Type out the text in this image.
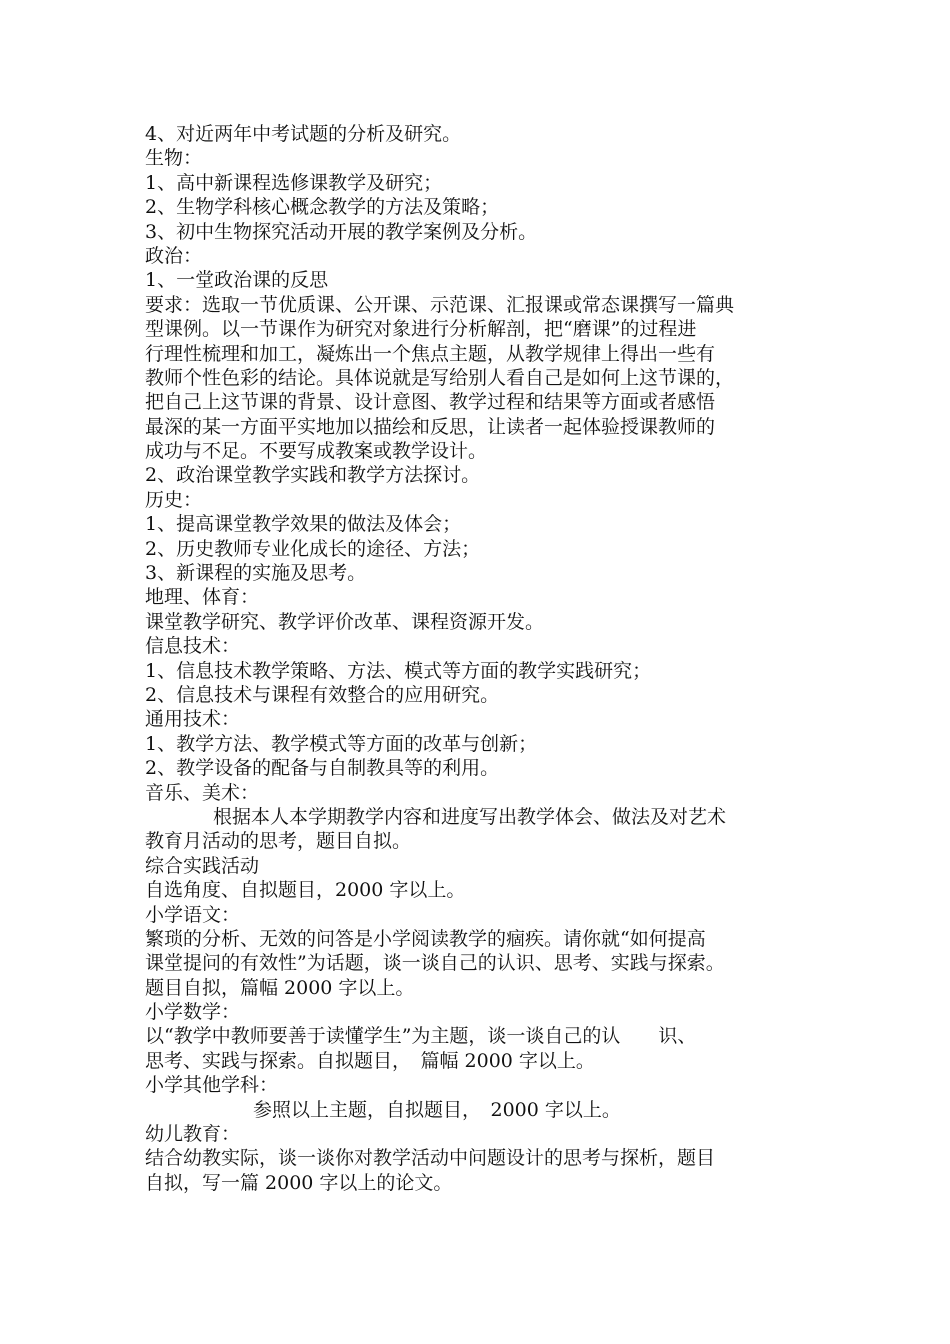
4、对近两年中考试题的分析及研究。
生物：
1、高中新课程选修课教学及研究；
2、生物学科核心概念教学的方法及策略；
3、初中生物探究活动开展的教学案例及分析。
政治：
1、一堂政治课的反思
要求：选取一节优质课、公开课、示范课、汇报课或常态课撰写一篇典
型课例。以一节课作为研究对象进行分析解剖，把“磨课”的过程进
行理性梳理和加工，凝炼出一个焦点主题，从教学规律上得出一些有
教师个性色彩的结论。具体说就是写给别人看自己是如何上这节课的，
把自己上这节课的背景、设计意图、教学过程和结果等方面或者感悟
最深的某一方面平实地加以描绘和反思，让读者一起体验授课教师的
成功与不足。不要写成教案或教学设计。
2、政治课堂教学实践和教学方法探讨。
历史：
1、提高课堂教学效果的做法及体会；
2、历史教师专业化成长的途径、方法；
3、新课程的实施及思考。
地理、体育：
课堂教学研究、教学评价改革、课程资源开发。
信息技术：
1、信息技术教学策略、方法、模式等方面的教学实践研究；
2、信息技术与课程有效整合的应用研究。
通用技术：
1、教学方法、教学模式等方面的改革与创新；
2、教学设备的配备与自制教具等的利用。
音乐、美术：
根据本人本学期教学内容和进度写出教学体会、做法及对艺术
教育月活动的思考，题目自拟。
综合实践活动
自选角度、自拟题目，2000 字以上。
小学语文：
繁琐的分析、无效的问答是小学阅读教学的痼疾。请你就“如何提高
课堂提问的有效性”为话题，谈一谈自己的认识、思考、实践与探索。
题目自拟，篇幅 2000 字以上。
小学数学：
以“教学中教师要善于读懂学生”为主题，谈一谈自己的认　　识、
思考、实践与探索。自拟题目，　篇幅 2000 字以上。
小学其他学科：
参照以上主题，自拟题目，　2000 字以上。
幼儿教育：
结合幼教实际，谈一谈你对教学活动中问题设计的思考与探析，题目
自拟，写一篇 2000 字以上的论文。
